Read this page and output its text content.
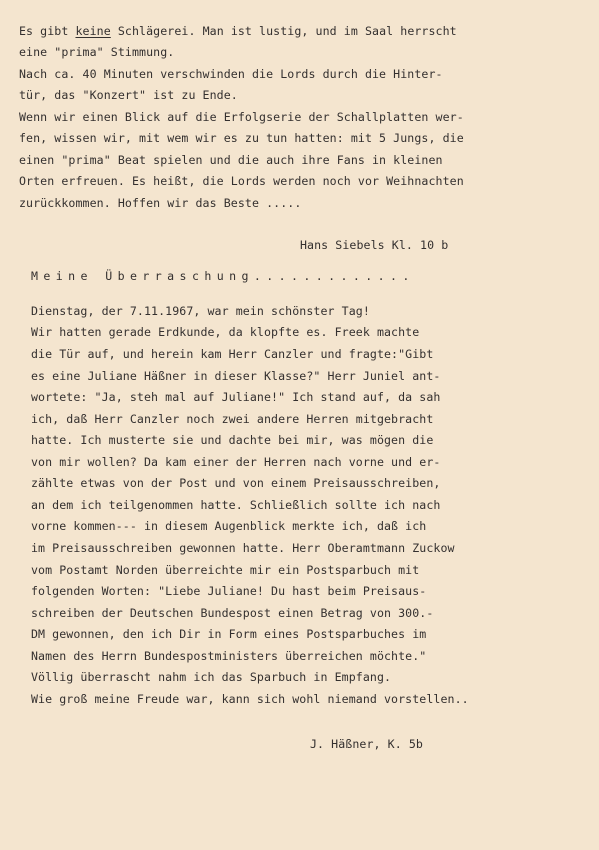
Es gibt keine Schlägerei. Man ist lustig, und im Saal herrscht
eine "prima" Stimmung.
Nach ca. 40 Minuten verschwinden die Lords durch die Hinter-
tür, das "Konzert" ist zu Ende.
Wenn wir einen Blick auf die Erfolgserie der Schallplatten wer-
fen, wissen wir, mit wem wir es zu tun hatten: mit 5 Jungs, die
einen "prima" Beat spielen und die auch ihre Fans in kleinen
Orten erfreuen. Es heißt, die Lords werden noch vor Weihnachten
zurückkommen. Hoffen wir das Beste .....
Hans Siebels Kl. 10 b
Meine Überraschung.............
Dienstag, der 7.11.1967, war mein schönster Tag!
Wir hatten gerade Erdkunde, da klopfte es. Freek machte
die Tür auf, und herein kam Herr Canzler und fragte:"Gibt
es eine Juliane Häßner in dieser Klasse?" Herr Juniel ant-
wortete: "Ja, steh mal auf Juliane!" Ich stand auf, da sah
ich, daß Herr Canzler noch zwei andere Herren mitgebracht
hatte. Ich musterte sie und dachte bei mir, was mögen die
von mir wollen? Da kam einer der Herren nach vorne und er-
zählte etwas von der Post und von einem Preisausschreiben,
an dem ich teilgenommen hatte. Schließlich sollte ich nach
vorne kommen--- in diesem Augenblick merkte ich, daß ich
im Preisausschreiben gewonnen hatte. Herr Oberamtmann Zuckow
vom Postamt Norden überreichte mir ein Postsparbuch mit
folgenden Worten: "Liebe Juliane! Du hast beim Preisaus-
schreiben der Deutschen Bundespost einen Betrag von 300.-
DM gewonnen, den ich Dir in Form eines Postsparbuches im
Namen des Herrn Bundespostministers überreichen möchte."
Völlig überrascht nahm ich das Sparbuch in Empfang.
Wie groß meine Freude war, kann sich wohl niemand vorstellen..
J. Häßner, K. 5b
